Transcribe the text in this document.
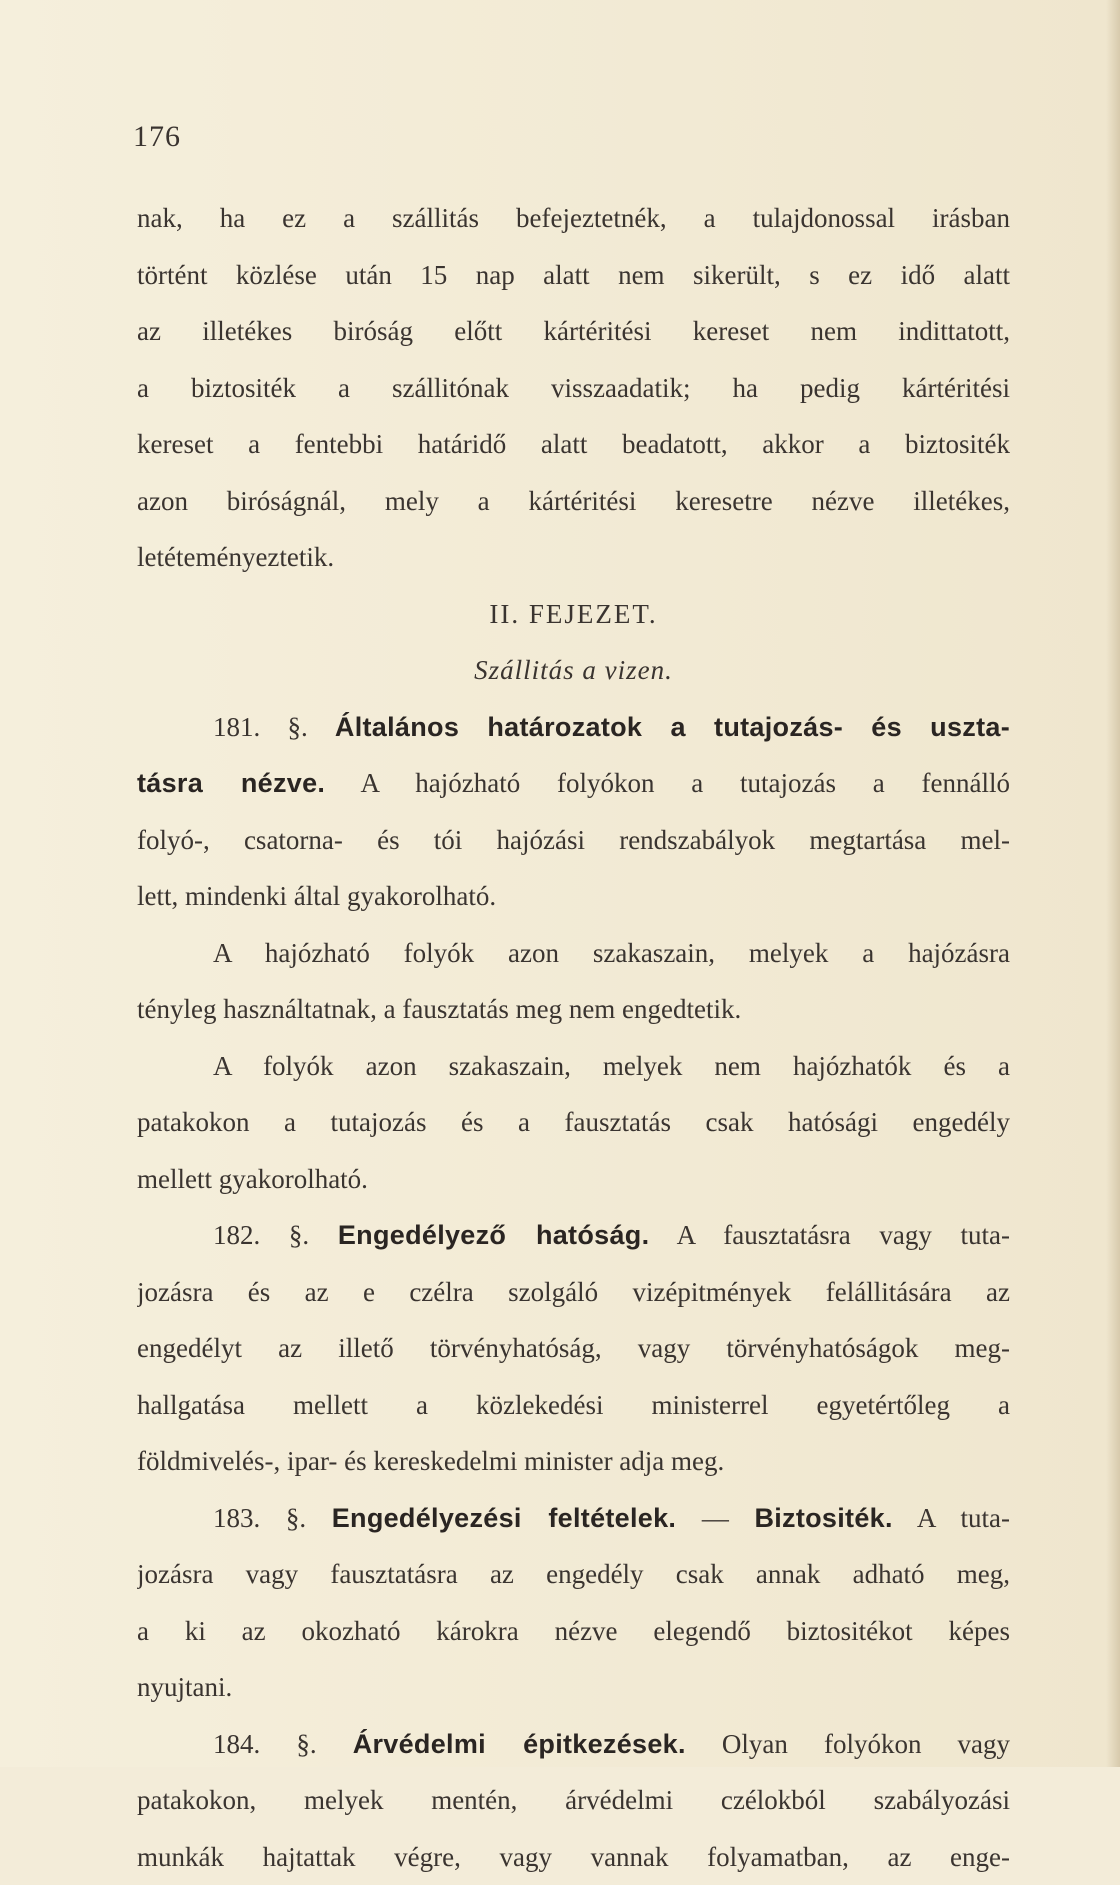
176
nak, ha ez a szállitás befejeztetnék, a tulajdonossal irásban
történt közlése után 15 nap alatt nem sikerült, s ez idő alatt
az illetékes biróság előtt kártéritési kereset nem indittatott,
a biztositék a szállitónak visszaadatik; ha pedig kártéritési
kereset a fentebbi határidő alatt beadatott, akkor a biztositék
azon biróságnál, mely a kártéritési keresetre nézve illetékes,
letéteményeztetik.
II. FEJEZET.
Szállitás a vizen.
181. §. Általános határozatok a tutajozás- és uszta-
tásra nézve. A hajózható folyókon a tutajozás a fennálló
folyó-, csatorna- és tói hajózási rendszabályok megtartása mel-
lett, mindenki által gyakorolható.
A hajózható folyók azon szakaszain, melyek a hajózásra
tényleg használtatnak, a fausztatás meg nem engedtetik.
A folyók azon szakaszain, melyek nem hajózhatók és a
patakokon a tutajozás és a fausztatás csak hatósági engedély
mellett gyakorolható.
182. §. Engedélyező hatóság. A fausztatásra vagy tuta-
jozásra és az e czélra szolgáló vizépitmények felállitására az
engedélyt az illető törvényhatóság, vagy törvényhatóságok meg-
hallgatása mellett a közlekedési ministerrel egyetértőleg a
földmivelés-, ipar- és kereskedelmi minister adja meg.
183. §. Engedélyezési feltételek. — Biztositék. A tuta-
jozásra vagy fausztatásra az engedély csak annak adható meg,
a ki az okozható károkra nézve elegendő biztositékot képes
nyujtani.
184. §. Árvédelmi épitkezések. Olyan folyókon vagy
patakokon, melyek mentén, árvédelmi czélokból szabályozási
munkák hajtattak végre, vagy vannak folyamatban, az enge-
